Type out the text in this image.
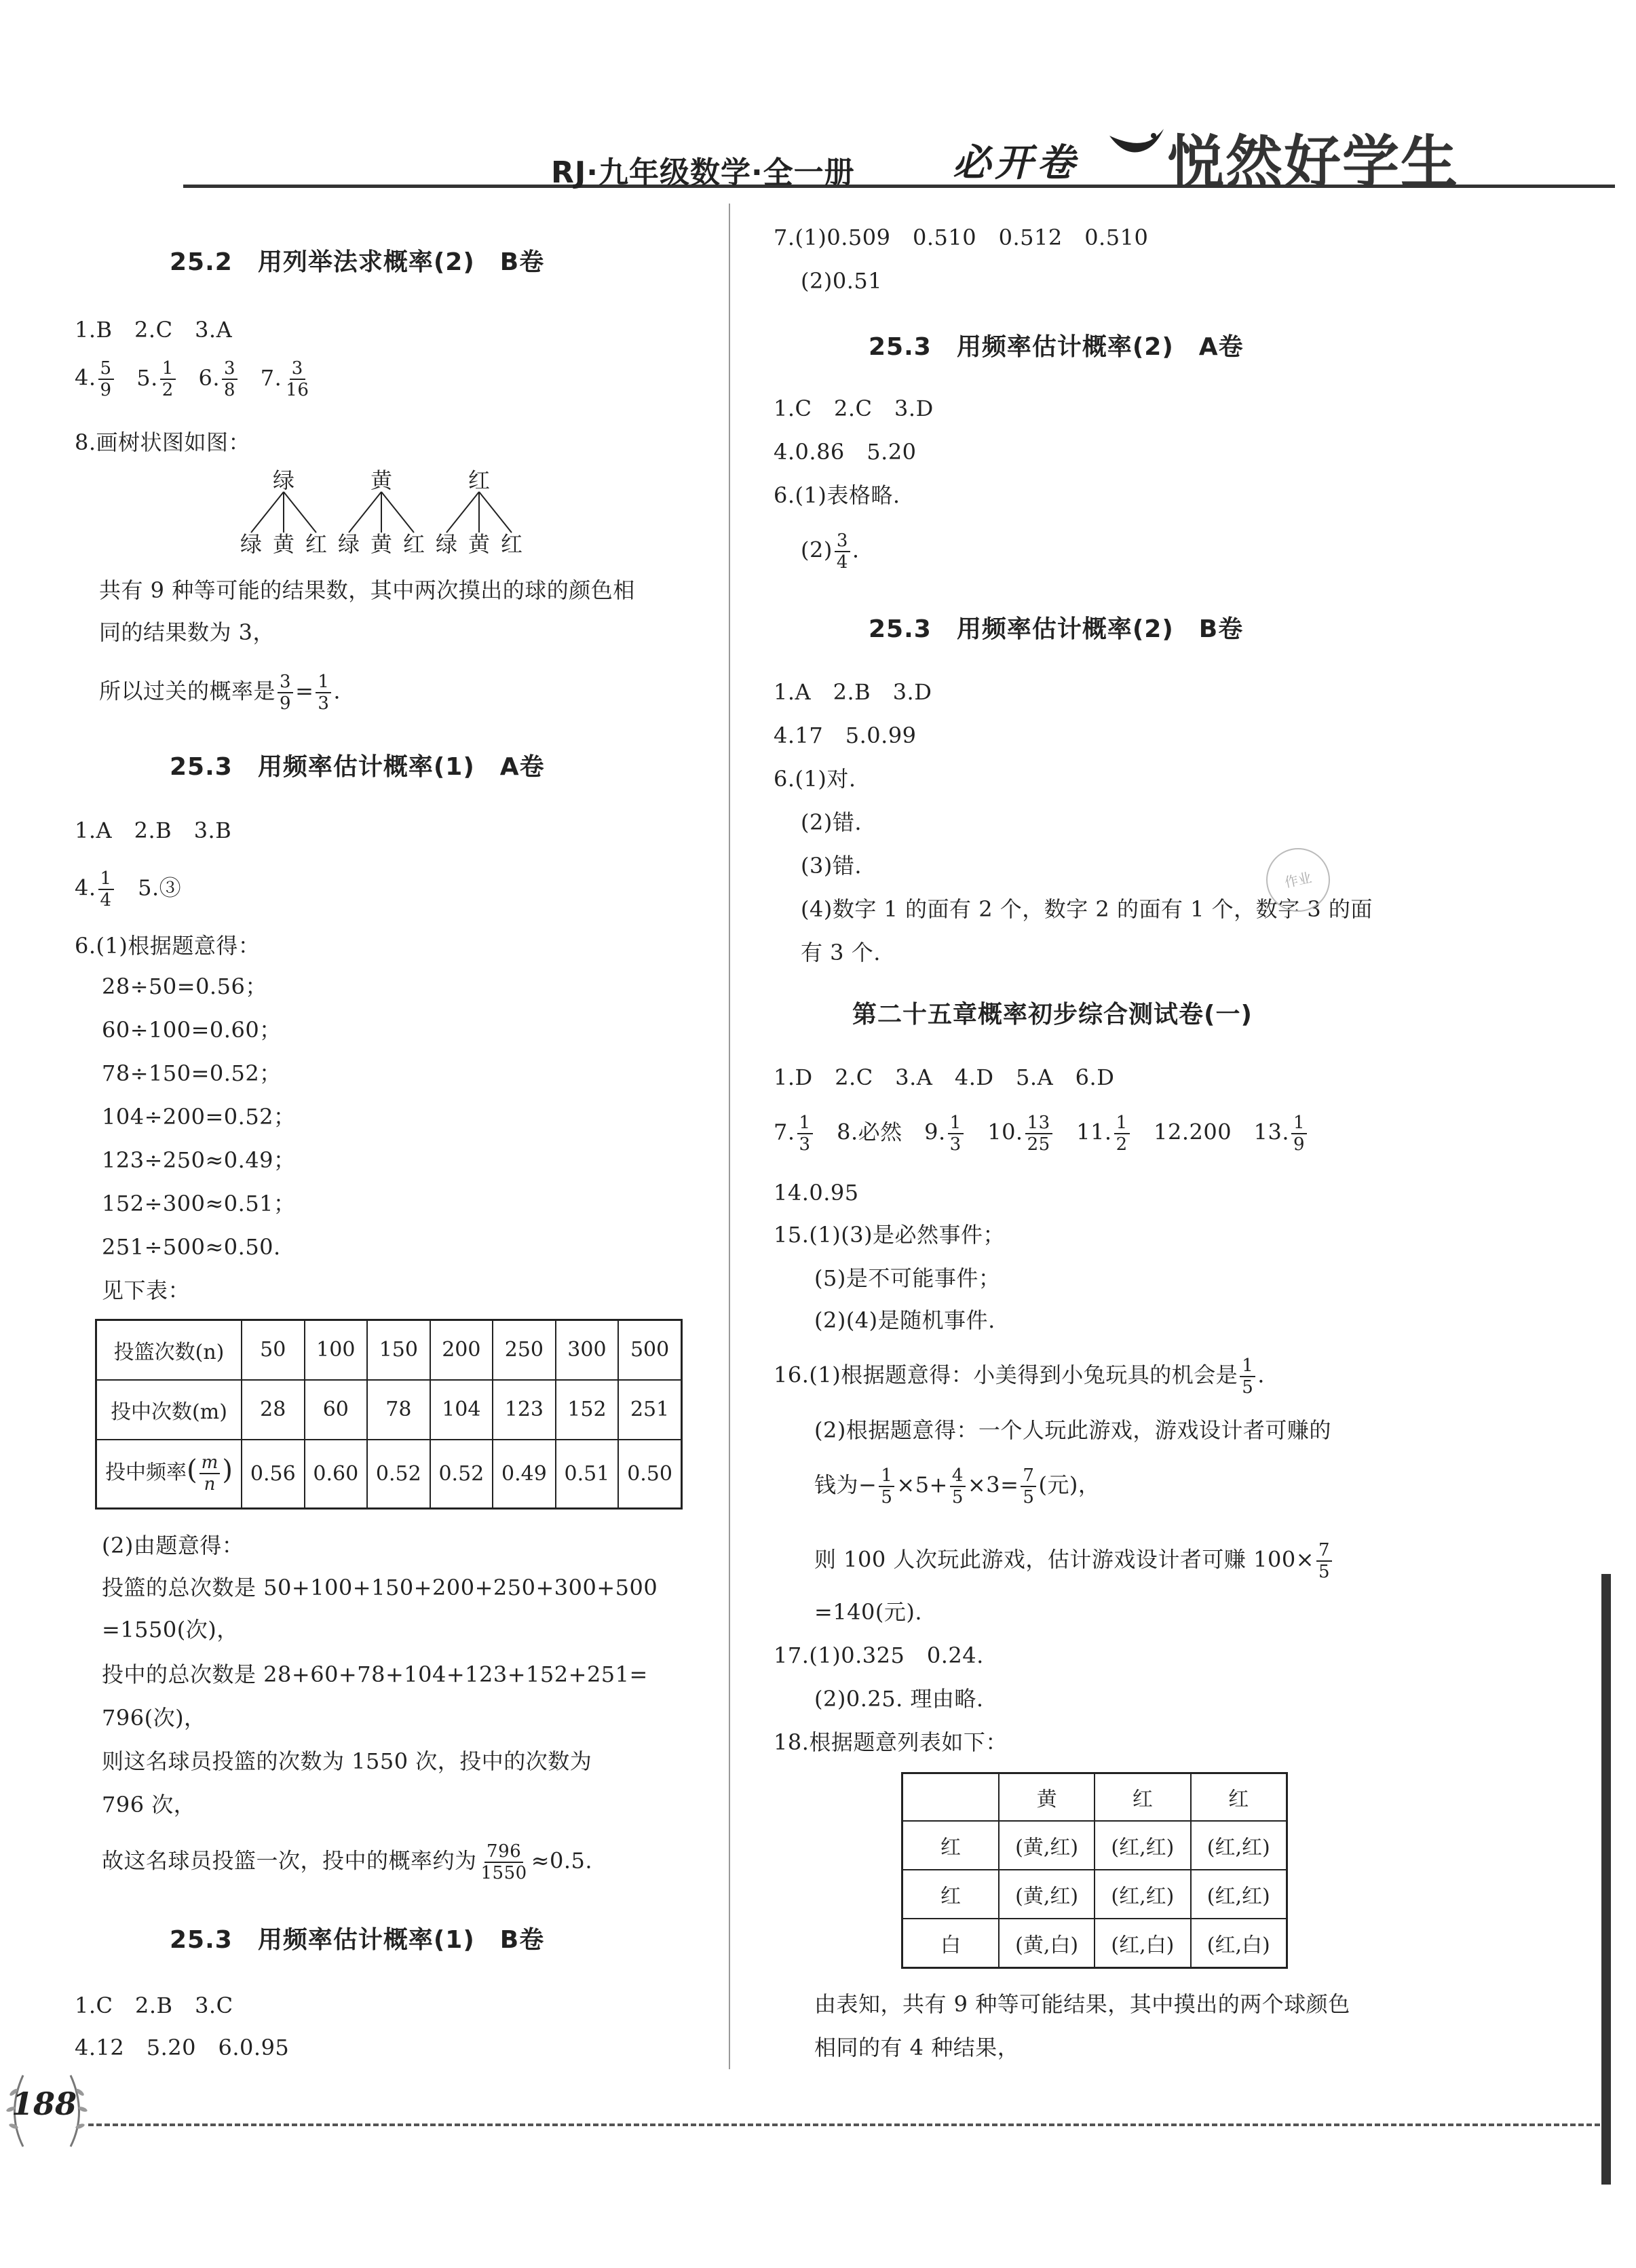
RJ·九年级数学·全一册	必开卷 悦然好学生
25.2　用列举法求概率(2)　B卷
1.B　2.C　3.A
4. $\frac{5}{9} 5$. $\frac{1}{2} 6$. $\frac{3}{8} 7$. $\frac{3}{16}$
8.画树状图如图：
绿	黄	红
绿 黄 红 绿 黄 红 绿 黄 红
共有 9 种等可能的结果数，其中两次摸出的球的颜色相
同的结果数为 3，
所以过关的概率是 $\frac{3}{9} = \frac{1}{3}$ .
25.3　用频率估计概率(1)　A卷
1.A　2.B　3.B
4. $\frac{1}{4}$ 　5.③
6.(1)根据题意得：
28÷50=0.56；
60÷100=0.60；
78÷150=0.52；
104÷200=0.52；
123÷250≈0.49；
152÷300≈0.51；
251÷500≈0.50.
见下表：
投篮次数(n)	50	100	150	200	250	300	500
投中次数(m)	28	60	78	104	123	152	251
投中频率( $\frac{m}{n}$ )	0.56	0.60	0.52	0.52	0.49	0.51	0.50
(2)由题意得：
投篮的总次数是 50+100+150+200+250+300+500
=1550(次)，
投中的总次数是 28+60+78+104+123+152+251=
796(次)，
则这名球员投篮的次数为 1550 次，投中的次数为
796 次，
故这名球员投篮一次，投中的概率约为 $\frac{796}{1550} \approx 0.5$.
25.3　用频率估计概率(1)　B卷
1.C　2.B　3.C
4.12　5.20　6.0.95
7.(1)0.509　0.510　0.512　0.510
(2)0.51
25.3　用频率估计概率(2)　A卷
1.C　2.C　3.D
4.0.86　5.20
6.(1)表格略.
$(2) \frac{3}{4}$ .
25.3　用频率估计概率(2)　B卷
1.A　2.B　3.D
4.17　5.0.99
6.(1)对.
(2)错.
(3)错.
(4)数字 1 的面有 2 个，数字 2 的面有 1 个，数字 3 的面
有 3 个.
作业
第二十五章概率初步综合测试卷(一)
1.D　2.C　3.A　4.D　5.A　6.D
7. $\frac{1}{3}$ 　8.必然　9. $\frac{1}{3}$ 　10. $\frac{13}{25}$ 　11. $\frac{1}{2}$ 　12.200　13. $\frac{1}{9}$
14.0.95
15.(1)(3)是必然事件；
(5)是不可能事件；
(2)(4)是随机事件.
16.(1)根据题意得：小美得到小兔玩具的机会是 $\frac{1}{5}$ .
(2)根据题意得：一个人玩此游戏，游戏设计者可赚的
钱为− $\frac{1}{5} \times 5+ \frac{4}{5} \times 3= \frac{7}{5}$ (元)，
则 100 人次玩此游戏，估计游戏设计者可赚 $100\times \frac{7}{5}$
=140(元).
17.(1)0.325　0.24.
(2)0.25. 理由略.
18.根据题意列表如下：
	黄	红	红
红	(黄,红)	(红,红)	(红,红)
红	(黄,红)	(红,红)	(红,红)
白	(黄,白)	(红,白)	(红,白)
由表知，共有 9 种等可能结果，其中摸出的两个球颜色
相同的有 4 种结果，
188
